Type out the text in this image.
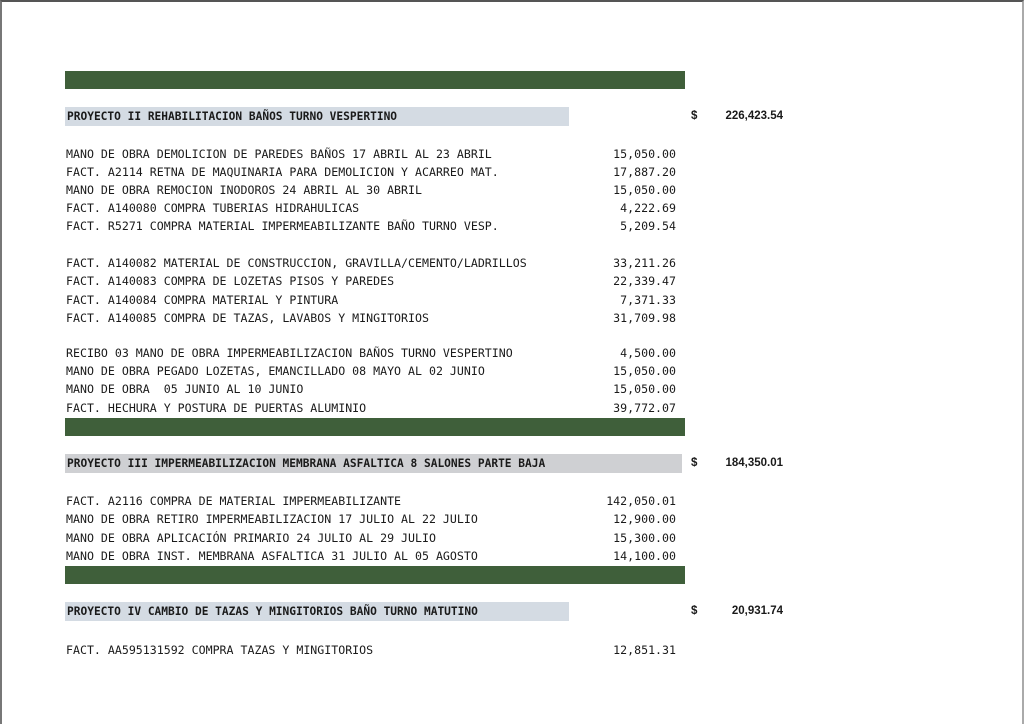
PROYECTO II REHABILITACION BAÑOS TURNO VESPERTINO	$	226,423.54
MANO DE OBRA DEMOLICION DE PAREDES BAÑOS 17 ABRIL AL 23 ABRIL	15,050.00
FACT. A2114 RETNA DE MAQUINARIA PARA DEMOLICION Y ACARREO MAT.	17,887.20
MANO DE OBRA REMOCION INODOROS 24 ABRIL AL 30 ABRIL	15,050.00
FACT. A140080 COMPRA TUBERIAS HIDRAHULICAS	4,222.69
FACT. R5271 COMPRA MATERIAL IMPERMEABILIZANTE BAÑO TURNO VESP.	5,209.54
FACT. A140082 MATERIAL DE CONSTRUCCION, GRAVILLA/CEMENTO/LADRILLOS	33,211.26
FACT. A140083 COMPRA DE LOZETAS PISOS Y PAREDES	22,339.47
FACT. A140084 COMPRA MATERIAL Y PINTURA	7,371.33
FACT. A140085 COMPRA DE TAZAS, LAVABOS Y MINGITORIOS	31,709.98
RECIBO 03 MANO DE OBRA IMPERMEABILIZACION BAÑOS TURNO VESPERTINO	4,500.00
MANO DE OBRA PEGADO LOZETAS, EMANCILLADO 08 MAYO AL 02 JUNIO	15,050.00
MANO DE OBRA  05 JUNIO AL 10 JUNIO	15,050.00
FACT. HECHURA Y POSTURA DE PUERTAS ALUMINIO	39,772.07
PROYECTO III IMPERMEABILIZACION MEMBRANA ASFALTICA 8 SALONES PARTE BAJA	$	184,350.01
FACT. A2116 COMPRA DE MATERIAL IMPERMEABILIZANTE	142,050.01
MANO DE OBRA RETIRO IMPERMEABILIZACION 17 JULIO AL 22 JULIO	12,900.00
MANO DE OBRA APLICACIÓN PRIMARIO 24 JULIO AL 29 JULIO	15,300.00
MANO DE OBRA INST. MEMBRANA ASFALTICA 31 JULIO AL 05 AGOSTO	14,100.00
PROYECTO IV CAMBIO DE TAZAS Y MINGITORIOS BAÑO TURNO MATUTINO	$	20,931.74
FACT. AA595131592 COMPRA TAZAS Y MINGITORIOS	12,851.31
